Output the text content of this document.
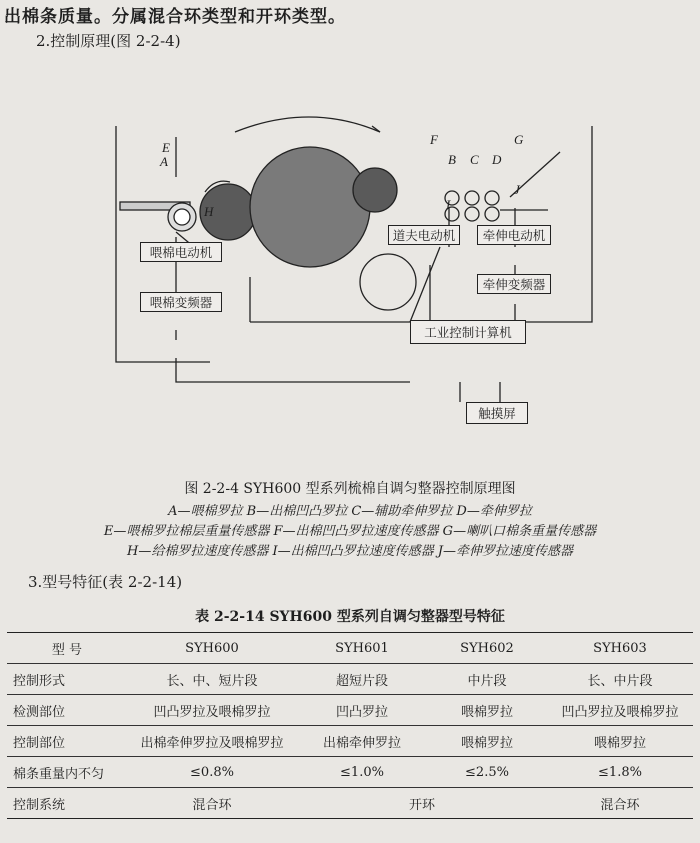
出棉条质量。分属混合环类型和开环类型。
2.控制原理(图 2-2-4)
E
A
H
F
B C D
G
J
I
喂棉电动机
喂棉变频器
道夫电动机	牵伸电动机
牵伸变频器
工业控制计算机
触摸屏
图 2-2-4 SYH600 型系列梳棉自调匀整器控制原理图
A—喂棉罗拉 B—出棉凹凸罗拉 C—辅助牵伸罗拉 D—牵伸罗拉
E—喂棉罗拉棉层重量传感器 F—出棉凹凸罗拉速度传感器 G—喇叭口棉条重量传感器
H—给棉罗拉速度传感器 I—出棉凹凸罗拉速度传感器 J—牵伸罗拉速度传感器
3.型号特征(表 2-2-14)
表 2-2-14 SYH600 型系列自调匀整器型号特征
型 号	SYH600	SYH601	SYH602	SYH603
控制形式	长、中、短片段	超短片段	中片段	长、中片段
检测部位	凹凸罗拉及喂棉罗拉	凹凸罗拉	喂棉罗拉	凹凸罗拉及喂棉罗拉
控制部位	出棉牵伸罗拉及喂棉罗拉	出棉牵伸罗拉	喂棉罗拉	喂棉罗拉
棉条重量内不匀	≤0.8%	≤1.0%	≤2.5%	≤1.8%
控制系统	混合环	开环		混合环
